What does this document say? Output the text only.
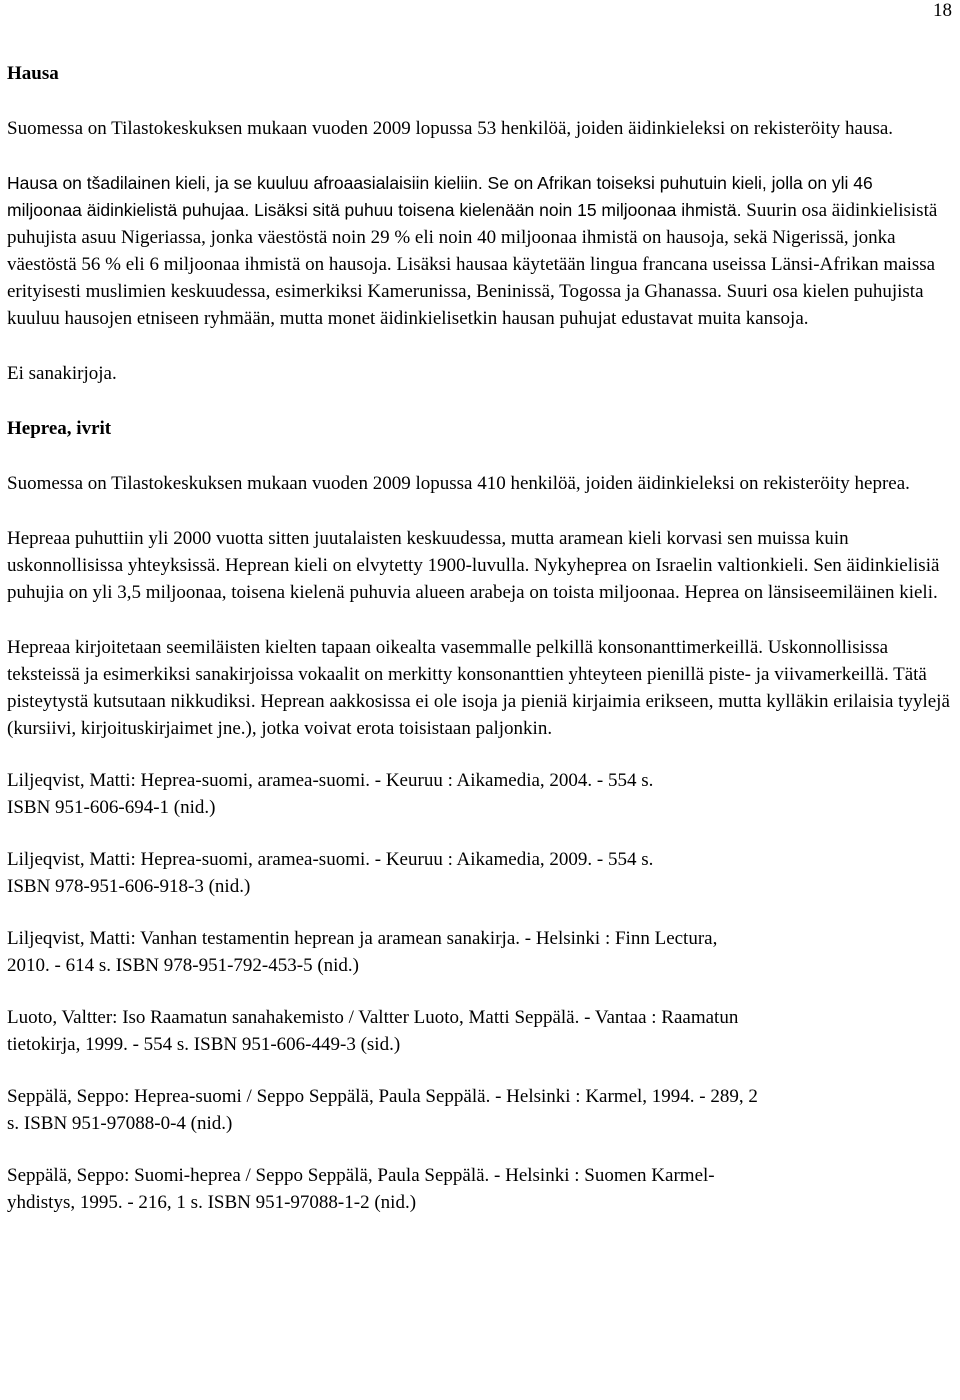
18
Hausa

Suomessa on Tilastokeskuksen mukaan vuoden 2009 lopussa 53 henkilöä, joiden äidinkieleksi on rekisteröity hausa.

Hausa on tšadilainen kieli, ja se kuuluu afroaasialaisiin kieliin. Se on Afrikan toiseksi puhutuin kieli, jolla on yli 46 miljoonaa äidinkielistä puhujaa. Lisäksi sitä puhuu toisena kielenään noin 15 miljoonaa ihmistä. Suurin osa äidinkielisistä puhujista asuu Nigeriassa, jonka väestöstä noin 29 % eli noin 40 miljoonaa ihmistä on hausoja, sekä Nigerissä, jonka väestöstä 56 % eli 6 miljoonaa ihmistä on hausoja. Lisäksi hausaa käytetään lingua francana useissa Länsi-Afrikan maissa erityisesti muslimien keskuudessa, esimerkiksi Kamerunissa, Beninissä, Togossa ja Ghanassa. Suuri osa kielen puhujista kuuluu hausojen etniseen ryhmään, mutta monet äidinkielisetkin hausan puhujat edustavat muita kansoja.

Ei sanakirjoja.

Heprea, ivrit

Suomessa on Tilastokeskuksen mukaan vuoden 2009 lopussa 410 henkilöä, joiden äidinkieleksi on rekisteröity heprea.

Hepreaa puhuttiin yli 2000 vuotta sitten juutalaisten keskuudessa, mutta aramean kieli korvasi sen muissa kuin uskonnollisissa yhteyksissä. Heprean kieli on elvytetty 1900-luvulla. Nykyheprea on Israelin valtionkieli. Sen äidinkielisiä puhujia on yli 3,5 miljoonaa, toisena kielenä puhuvia alueen arabeja on toista miljoonaa. Heprea on länsiseemiläinen kieli.

Hepreaa kirjoitetaan seemiläisten kielten tapaan oikealta vasemmalle pelkillä konsonanttimerkeillä. Uskonnollisissa teksteissä ja esimerkiksi sanakirjoissa vokaalit on merkitty konsonanttien yhteyteen pienillä piste- ja viivamerkeillä. Tätä pisteytystä kutsutaan nikkudiksi. Heprean aakkosissa ei ole isoja ja pieniä kirjaimia erikseen, mutta kylläkin erilaisia tyylejä (kursiivi, kirjoituskirjaimet jne.), jotka voivat erota toisistaan paljonkin.

Liljeqvist, Matti: Heprea-suomi, aramea-suomi. - Keuruu : Aikamedia, 2004. - 554 s.

ISBN 951-606-694-1 (nid.)

Liljeqvist, Matti: Heprea-suomi, aramea-suomi. - Keuruu : Aikamedia, 2009. - 554 s.

ISBN 978-951-606-918-3 (nid.)

Liljeqvist, Matti: Vanhan testamentin heprean ja aramean sanakirja. - Helsinki : Finn Lectura,

2010. - 614 s. ISBN 978-951-792-453-5 (nid.)

Luoto, Valtter: Iso Raamatun sanahakemisto / Valtter Luoto, Matti Seppälä. - Vantaa : Raamatun

tietokirja, 1999. - 554 s. ISBN 951-606-449-3 (sid.)

Seppälä, Seppo: Heprea-suomi / Seppo Seppälä, Paula Seppälä. - Helsinki : Karmel, 1994. - 289, 2

s. ISBN 951-97088-0-4 (nid.)

Seppälä, Seppo: Suomi-heprea / Seppo Seppälä, Paula Seppälä. - Helsinki : Suomen Karmel-

yhdistys, 1995. - 216, 1 s. ISBN 951-97088-1-2 (nid.)
